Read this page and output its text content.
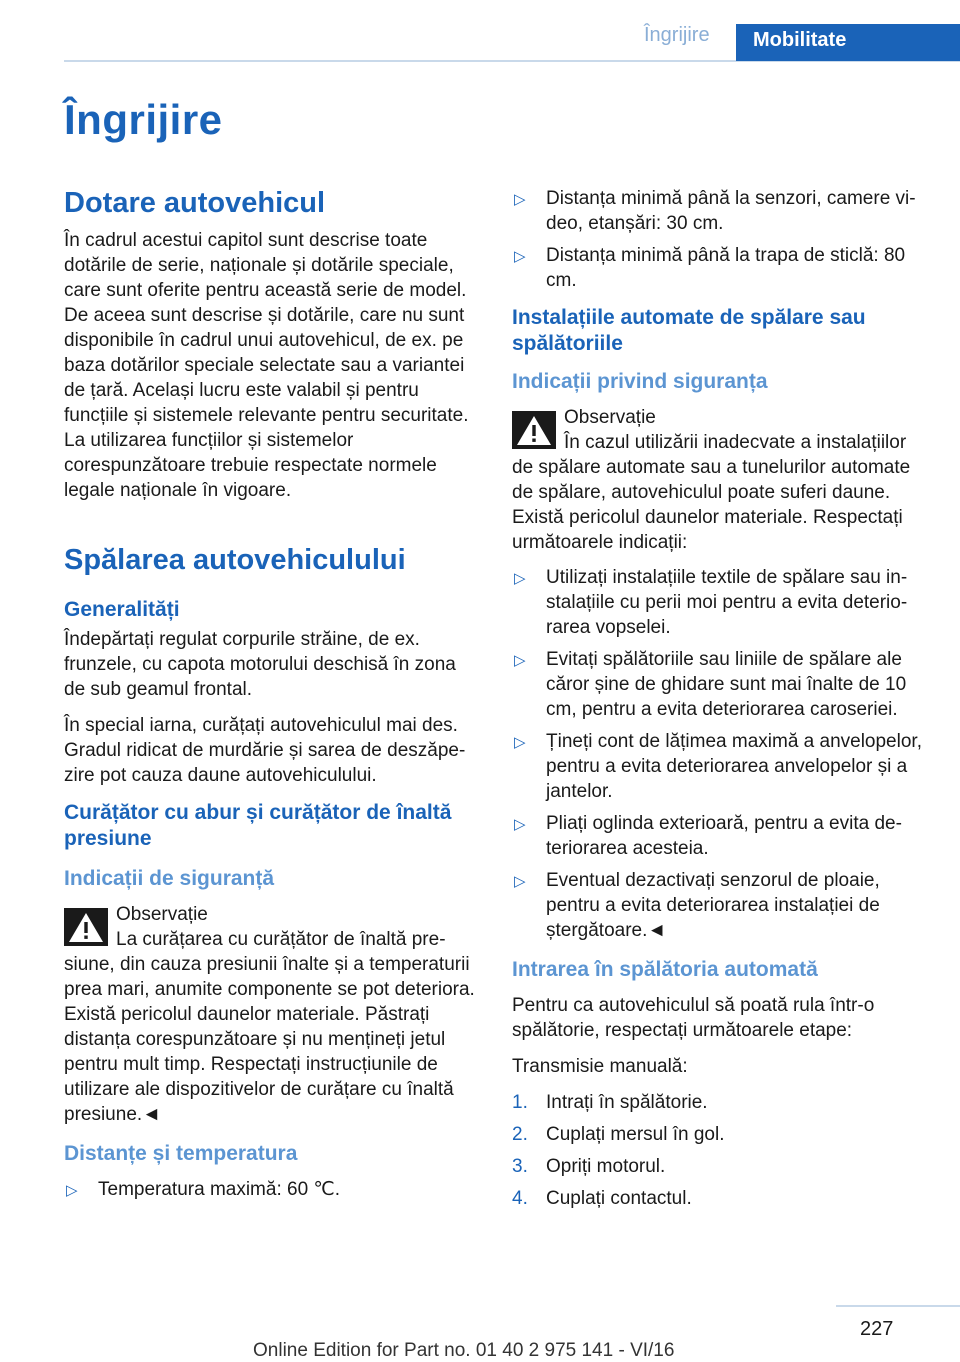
Îngrijire	Mobilitate
Îngrijire
Dotare autovehicul

În cadrul acestui capitol sunt descrise toate dotările de serie, naționale și dotările speciale, care sunt oferite pentru această serie de model. De aceea sunt descrise și dotările, care nu sunt disponibile în cadrul unui autovehicul, de ex. pe baza dotărilor speciale selectate sau a variantei de țară. Același lucru este valabil și pentru funcțiile și sistemele relevante pentru securitate. La utilizarea funcțiilor și sistemelor corespunzătoare trebuie respectate normele legale naționale în vigoare.

Spălarea autovehiculului
Generalități

Îndepărtați regulat corpurile străine, de ex. frunzele, cu capota motorului deschisă în zona de sub geamul frontal.

În special iarna, curățați autovehiculul mai des. Gradul ridicat de murdărie și sarea de deszăpezire pot cauza daune autovehiculului.

Curățător cu abur și curățător de înaltă presiune
Indicații de siguranță
Observație
La curățarea cu curățător de înaltă presiune, din cauza presiunii înalte și a temperaturii prea mari, anumite componente se pot deteriora. Există pericolul daunelor materiale. Păstrați distanța corespunzătoare și nu mențineți jetul pentru mult timp. Respectați instrucțiunile de utilizare ale dispozitivelor de curățare cu înaltă presiune.◄
Distanțe și temperatura
▷ Temperatura maximă: 60 ℃.
▷ Distanța minimă până la senzori, camere video, etanșări: 30 cm.
▷ Distanța minimă până la trapa de sticlă: 80 cm.
Instalațiile automate de spălare sau spălătoriile
Indicații privind siguranța
Observație
În cazul utilizării inadecvate a instalațiilor de spălare automate sau a tunelurilor automate de spălare, autovehiculul poate suferi daune. Există pericolul daunelor materiale. Respectați următoarele indicații:
▷ Utilizați instalațiile textile de spălare sau instalațiile cu perii moi pentru a evita deteriorarea vopselei.
▷ Evitați spălătoriile sau liniile de spălare ale căror șine de ghidare sunt mai înalte de 10 cm, pentru a evita deteriorarea caroseriei.
▷ Țineți cont de lățimea maximă a anvelopelor, pentru a evita deteriorarea anvelopelor și a jantelor.
▷ Pliați oglinda exterioară, pentru a evita deteriorarea acesteia.
▷ Eventual dezactivați senzorul de ploaie, pentru a evita deteriorarea instalației de ștergătoare.◄
Intrarea în spălătoria automată

Pentru ca autovehiculul să poată rula într-o spălătorie, respectați următoarele etape:

Transmisie manuală:

1. Intrați în spălătorie.
2. Cuplați mersul în gol.
3. Opriți motorul.
4. Cuplați contactul.
227
Online Edition for Part no. 01 40 2 975 141 - VI/16
